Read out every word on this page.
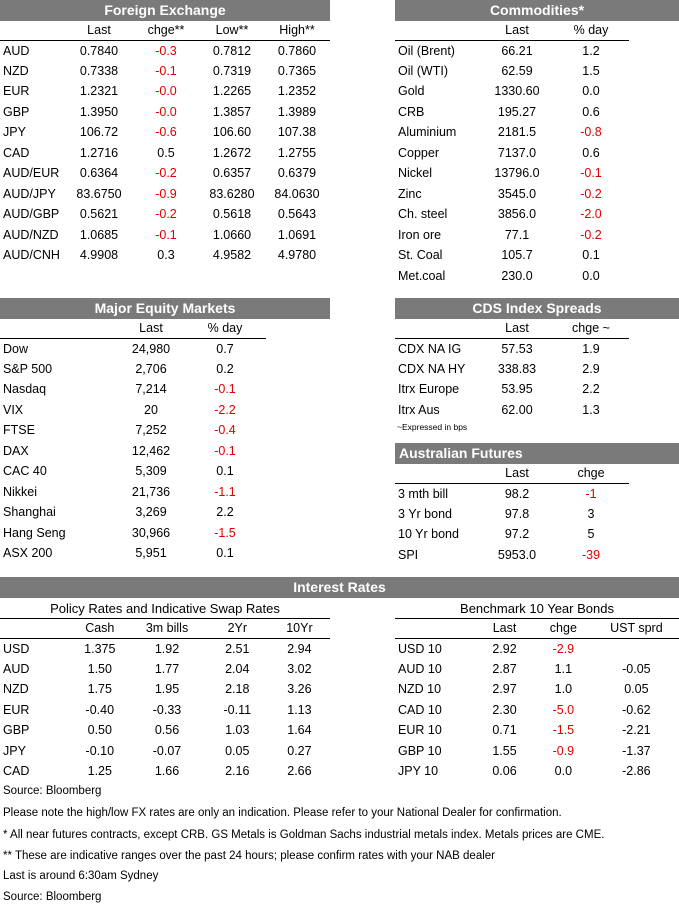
Foreign Exchange
	Last	chge**	Low**	High**
AUD	0.7840	-0.3	0.7812	0.7860
NZD	0.7338	-0.1	0.7319	0.7365
EUR	1.2321	-0.0	1.2265	1.2352
GBP	1.3950	-0.0	1.3857	1.3989
JPY	106.72	-0.6	106.60	107.38
CAD	1.2716	0.5	1.2672	1.2755
AUD/EUR	0.6364	-0.2	0.6357	0.6379
AUD/JPY	83.6750	-0.9	83.6280	84.0630
AUD/GBP	0.5621	-0.2	0.5618	0.5643
AUD/NZD	1.0685	-0.1	1.0660	1.0691
AUD/CNH	4.9908	0.3	4.9582	4.9780
Commodities*
	Last	% day
Oil (Brent)	66.21	1.2
Oil (WTI)	62.59	1.5
Gold	1330.60	0.0
CRB	195.27	0.6
Aluminium	2181.5	-0.8
Copper	7137.0	0.6
Nickel	13796.0	-0.1
Zinc	3545.0	-0.2
Ch. steel	3856.0	-2.0
Iron ore	77.1	-0.2
St. Coal	105.7	0.1
Met.coal	230.0	0.0
Major Equity Markets
	Last	% day
Dow	24,980	0.7
S&P 500	2,706	0.2
Nasdaq	7,214	-0.1
VIX	20	-2.2
FTSE	7,252	-0.4
DAX	12,462	-0.1
CAC 40	5,309	0.1
Nikkei	21,736	-1.1
Shanghai	3,269	2.2
Hang Seng	30,966	-1.5
ASX 200	5,951	0.1
CDS Index Spreads
	Last	chge ~
CDX NA IG	57.53	1.9
CDX NA HY	338.83	2.9
Itrx Europe	53.95	2.2
Itrx Aus	62.00	1.3
~Expressed in bps
Australian Futures
	Last	chge
3 mth bill	98.2	-1
3 Yr bond	97.8	3
10 Yr bond	97.2	5
SPI	5953.0	-39
Interest Rates
Policy Rates and Indicative Swap Rates
	Cash	3m bills	2Yr	10Yr
USD	1.375	1.92	2.51	2.94
AUD	1.50	1.77	2.04	3.02
NZD	1.75	1.95	2.18	3.26
EUR	-0.40	-0.33	-0.11	1.13
GBP	0.50	0.56	1.03	1.64
JPY	-0.10	-0.07	0.05	0.27
CAD	1.25	1.66	2.16	2.66
Benchmark 10 Year Bonds
	Last	chge	UST sprd
USD 10	2.92	-2.9	
AUD 10	2.87	1.1	-0.05
NZD 10	2.97	1.0	0.05
CAD 10	2.30	-5.0	-0.62
EUR 10	0.71	-1.5	-2.21
GBP 10	1.55	-0.9	-1.37
JPY 10	0.06	0.0	-2.86
Source: Bloomberg
Please note the high/low FX rates are only an indication. Please refer to your National Dealer for confirmation.
* All near futures contracts, except CRB. GS Metals is Goldman Sachs industrial metals index. Metals prices are CME.
** These are indicative ranges over the past 24 hours; please confirm rates with your NAB dealer
Last is around 6:30am Sydney
Source: Bloomberg
